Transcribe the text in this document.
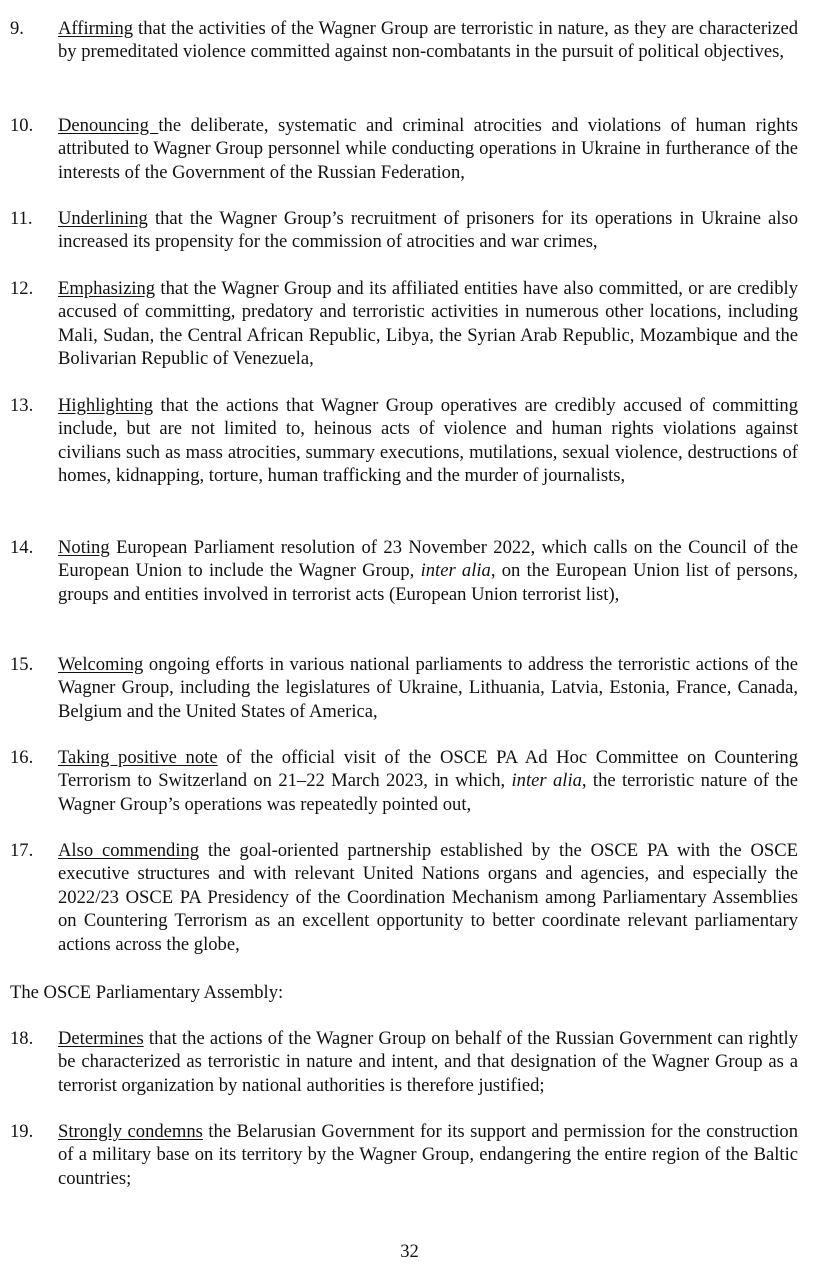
9.	Affirming that the activities of the Wagner Group are terroristic in nature, as they are characterized by premeditated violence committed against non-combatants in the pursuit of political objectives,
10.	Denouncing the deliberate, systematic and criminal atrocities and violations of human rights attributed to Wagner Group personnel while conducting operations in Ukraine in furtherance of the interests of the Government of the Russian Federation,
11.	Underlining that the Wagner Group’s recruitment of prisoners for its operations in Ukraine also increased its propensity for the commission of atrocities and war crimes,
12.	Emphasizing that the Wagner Group and its affiliated entities have also committed, or are credibly accused of committing, predatory and terroristic activities in numerous other locations, including Mali, Sudan, the Central African Republic, Libya, the Syrian Arab Republic, Mozambique and the Bolivarian Republic of Venezuela,
13.	Highlighting that the actions that Wagner Group operatives are credibly accused of committing include, but are not limited to, heinous acts of violence and human rights violations against civilians such as mass atrocities, summary executions, mutilations, sexual violence, destructions of homes, kidnapping, torture, human trafficking and the murder of journalists,
14.	Noting European Parliament resolution of 23 November 2022, which calls on the Council of the European Union to include the Wagner Group, inter alia, on the European Union list of persons, groups and entities involved in terrorist acts (European Union terrorist list),
15.	Welcoming ongoing efforts in various national parliaments to address the terroristic actions of the Wagner Group, including the legislatures of Ukraine, Lithuania, Latvia, Estonia, France, Canada, Belgium and the United States of America,
16.	Taking positive note of the official visit of the OSCE PA Ad Hoc Committee on Countering Terrorism to Switzerland on 21–22 March 2023, in which, inter alia, the terroristic nature of the Wagner Group’s operations was repeatedly pointed out,
17.	Also commending the goal-oriented partnership established by the OSCE PA with the OSCE executive structures and with relevant United Nations organs and agencies, and especially the 2022/23 OSCE PA Presidency of the Coordination Mechanism among Parliamentary Assemblies on Countering Terrorism as an excellent opportunity to better coordinate relevant parliamentary actions across the globe,
18.	Determines that the actions of the Wagner Group on behalf of the Russian Government can rightly be characterized as terroristic in nature and intent, and that designation of the Wagner Group as a terrorist organization by national authorities is therefore justified;
19.	Strongly condemns the Belarusian Government for its support and permission for the construction of a military base on its territory by the Wagner Group, endangering the entire region of the Baltic countries;
The OSCE Parliamentary Assembly:
32
